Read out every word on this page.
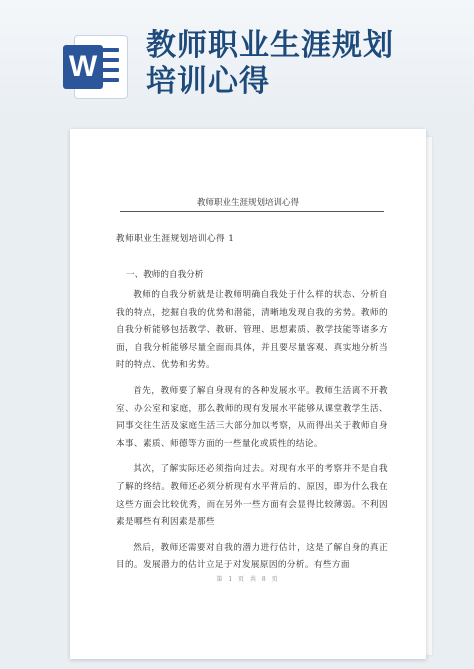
W
教师职业生涯规划
培训心得
教师职业生涯规划培训心得

教师职业生涯规划培训心得 1

一、教师的自我分析

教师的自我分析就是让教师明确自我处于什么样的状态、分析自我的特点，挖掘自我的优势和潜能，清晰地发现自我的劣势。教师的自我分析能够包括教学、教研、管理、思想素质、教学技能等诸多方面，自我分析能够尽量全面而具体，并且要尽量客观、真实地分析当时的特点、优势和劣势。

首先，教师要了解自身现有的各种发展水平。教师生活离不开教室、办公室和家庭，那么教师的现有发展水平能够从课堂教学生活、同事交往生活及家庭生活三大部分加以考察，从而得出关于教师自身本事、素质、师德等方面的一些量化或质性的结论。

其次，了解实际还必须指向过去。对现有水平的考察并不是自我了解的终结。教师还必须分析现有水平背后的、原因，即为什么我在这些方面会比较优秀，而在另外一些方面有会显得比较薄弱。不利因素是哪些有利因素是那些

然后，教师还需要对自我的潜力进行估计，这是了解自身的真正目的。发展潜力的估计立足于对发展原因的分析。有些方面

第 1 页 共 8 页
